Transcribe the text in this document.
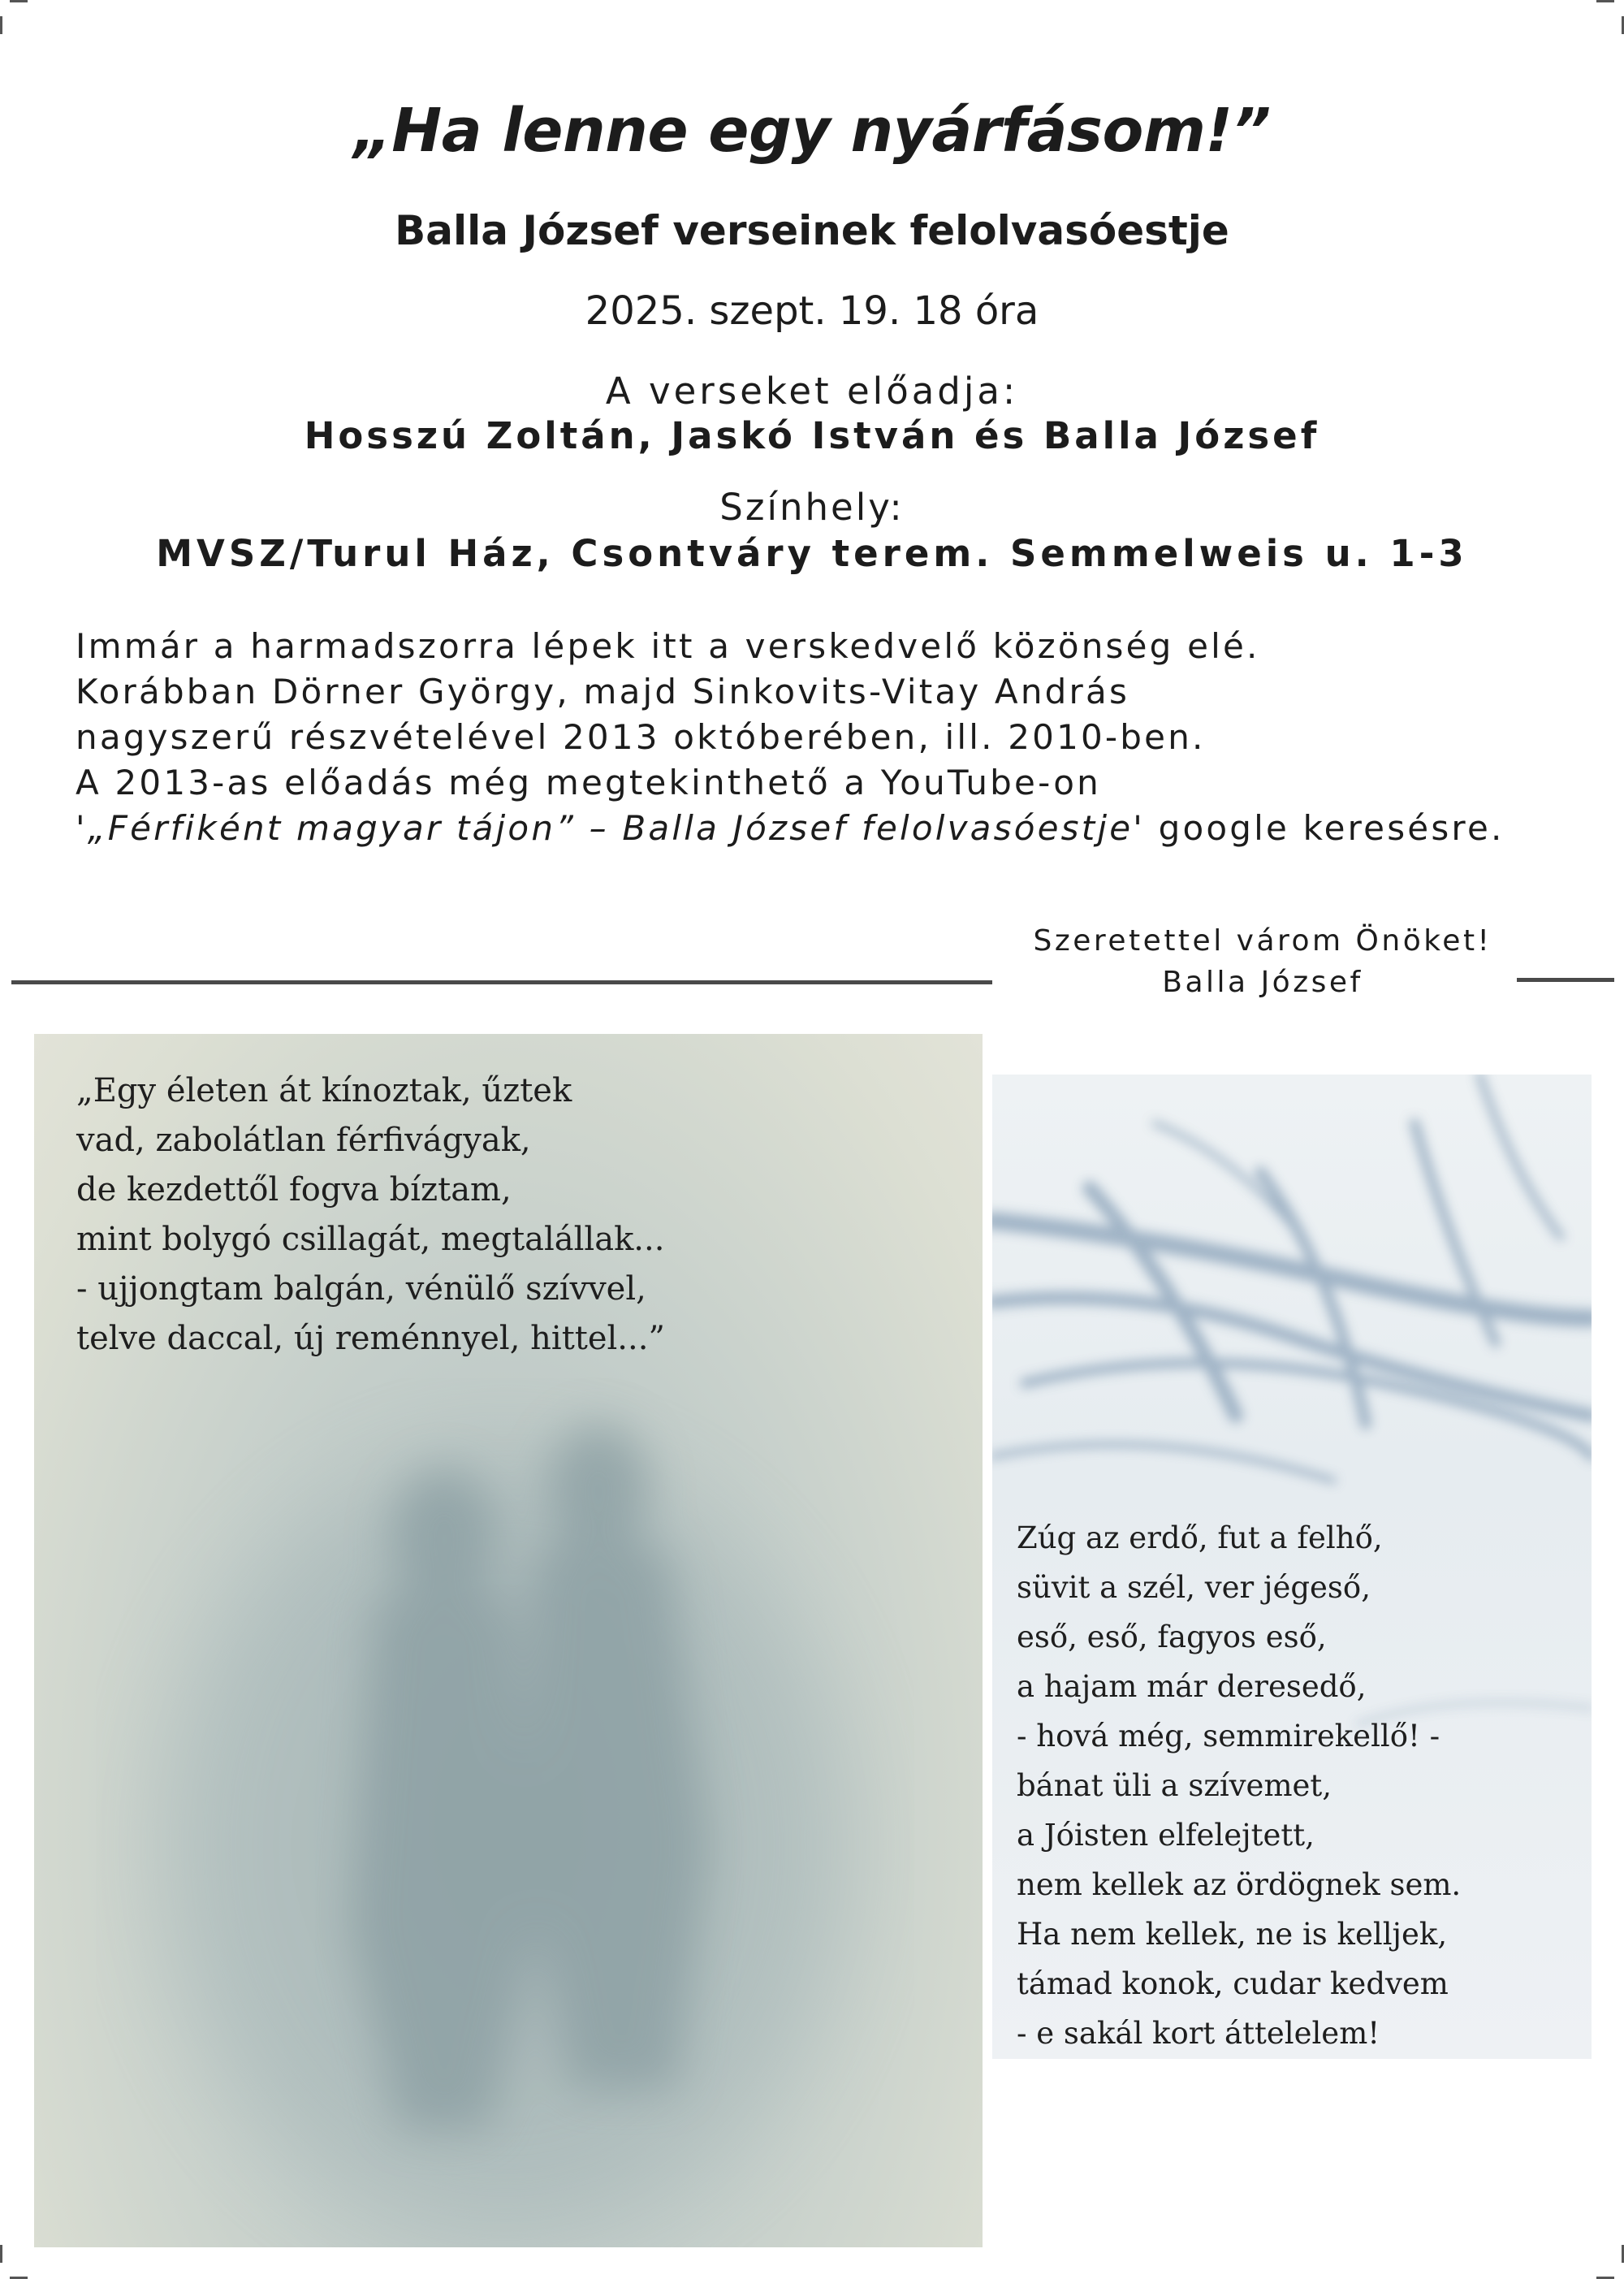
„Ha lenne egy nyárfásom!”
Balla József verseinek felolvasóestje
2025. szept. 19. 18 óra
A verseket előadja:
Hosszú Zoltán, Jaskó István és Balla József
Színhely:
MVSZ/Turul Ház, Csontváry terem. Semmelweis u. 1-3

Immár a harmadszorra lépek itt a verskedvelő közönség elé.

Korábban Dörner György, majd Sinkovits-Vitay András

nagyszerű részvételével 2013 októberében, ill. 2010-ben.

A 2013-as előadás még megtekinthető a YouTube-on

'„Férfiként magyar tájon” – Balla József felolvasóestje' google keresésre.

Szeretettel várom Önöket!

Balla József

„Egy életen át kínoztak, űztek

vad, zabolátlan férfivágyak,

de kezdettől fogva bíztam,

mint bolygó csillagát, megtalállak...

- ujjongtam balgán, vénülő szívvel,

telve daccal, új reménnyel, hittel...”

Zúg az erdő, fut a felhő,

süvit a szél, ver jégeső,

eső, eső, fagyos eső,

a hajam már deresedő,

- hová még, semmirekellő! -

bánat üli a szívemet,

a Jóisten elfelejtett,

nem kellek az ördögnek sem.

Ha nem kellek, ne is kelljek,

támad konok, cudar kedvem

- e sakál kort áttelelem!
